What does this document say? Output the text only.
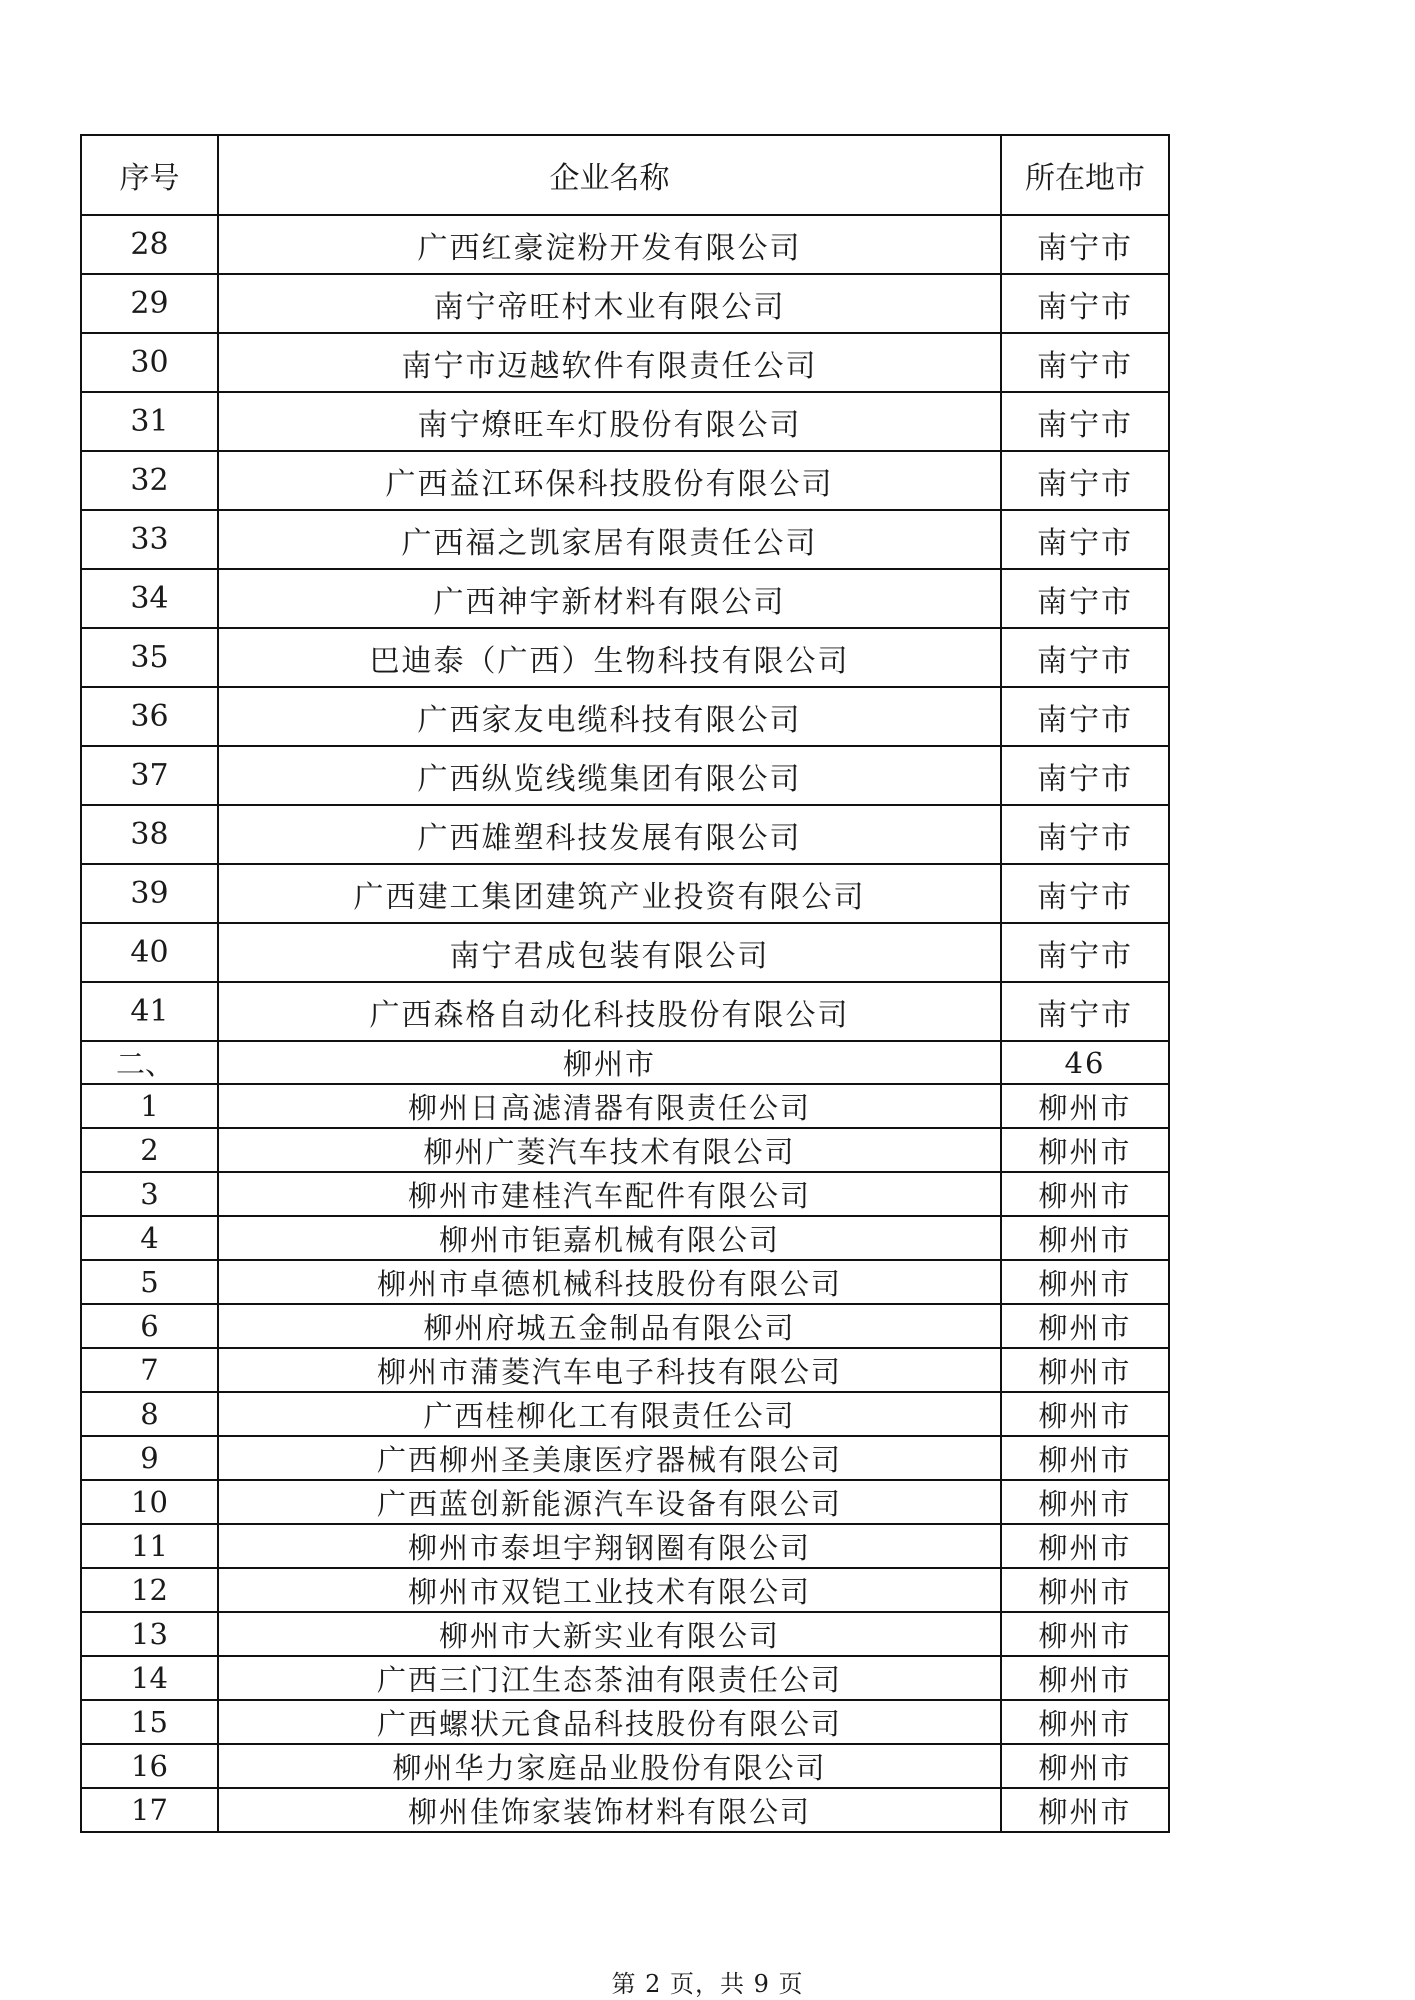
序号	企业名称	所在地市
28	广西红豪淀粉开发有限公司	南宁市
29	南宁帝旺村木业有限公司	南宁市
30	南宁市迈越软件有限责任公司	南宁市
31	南宁燎旺车灯股份有限公司	南宁市
32	广西益江环保科技股份有限公司	南宁市
33	广西福之凯家居有限责任公司	南宁市
34	广西神宇新材料有限公司	南宁市
35	巴迪泰（广西）生物科技有限公司	南宁市
36	广西家友电缆科技有限公司	南宁市
37	广西纵览线缆集团有限公司	南宁市
38	广西雄塑科技发展有限公司	南宁市
39	广西建工集团建筑产业投资有限公司	南宁市
40	南宁君成包装有限公司	南宁市
41	广西森格自动化科技股份有限公司	南宁市
二、	柳州市	46
1	柳州日高滤清器有限责任公司	柳州市
2	柳州广菱汽车技术有限公司	柳州市
3	柳州市建桂汽车配件有限公司	柳州市
4	柳州市钜嘉机械有限公司	柳州市
5	柳州市卓德机械科技股份有限公司	柳州市
6	柳州府城五金制品有限公司	柳州市
7	柳州市蒲菱汽车电子科技有限公司	柳州市
8	广西桂柳化工有限责任公司	柳州市
9	广西柳州圣美康医疗器械有限公司	柳州市
10	广西蓝创新能源汽车设备有限公司	柳州市
11	柳州市泰坦宇翔钢圈有限公司	柳州市
12	柳州市双铠工业技术有限公司	柳州市
13	柳州市大新实业有限公司	柳州市
14	广西三门江生态茶油有限责任公司	柳州市
15	广西螺状元食品科技股份有限公司	柳州市
16	柳州华力家庭品业股份有限公司	柳州市
17	柳州佳饰家装饰材料有限公司	柳州市
第 2 页，共 9 页
